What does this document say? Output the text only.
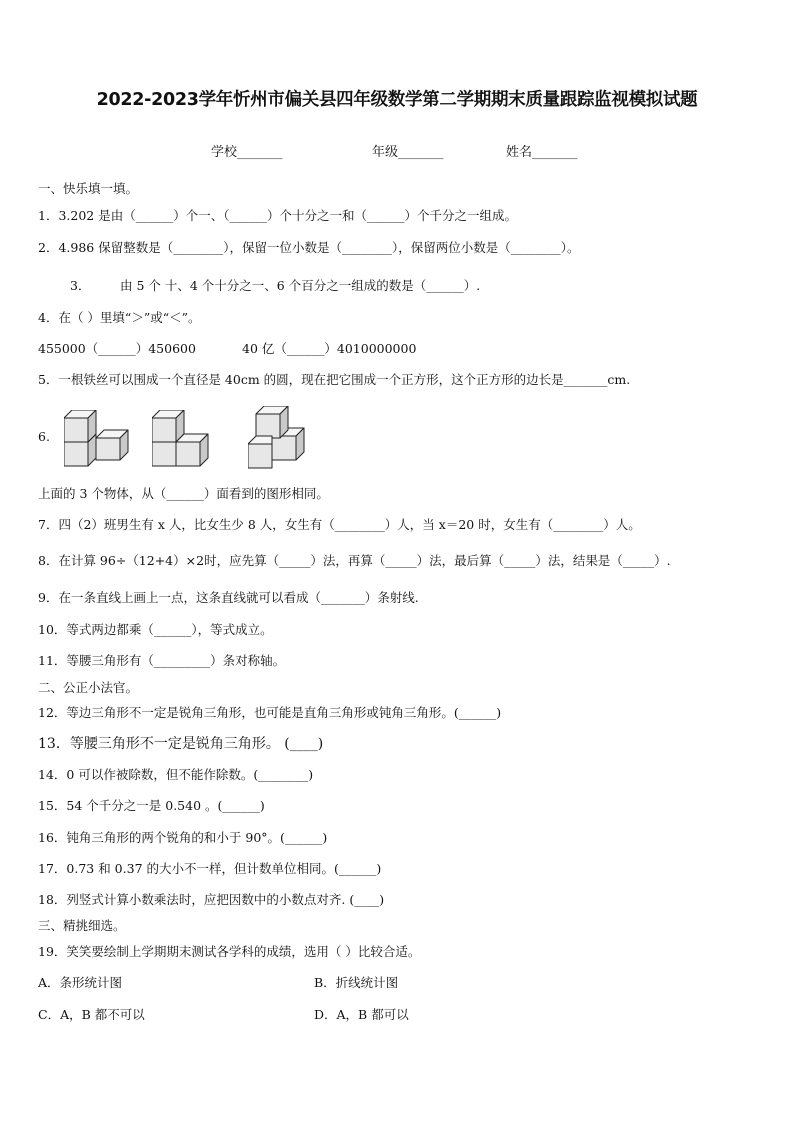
2022-2023学年忻州市偏关县四年级数学第二学期期末质量跟踪监视模拟试题
学校_______	年级_______	姓名_______
一、快乐填一填。
1．3.202 是由（______）个一、（______）个十分之一和（______）个千分之一组成。
2．4.986 保留整数是（________），保留一位小数是（________），保留两位小数是（________）。
3． 由 5 个 十、4 个十分之一、6 个百分之一组成的数是（______）.
4．在（ ）里填“＞”或“＜”。
455000（______）450600	40 亿（______）4010000000
5．一根铁丝可以围成一个直径是 40cm 的圆，现在把它围成一个正方形，这个正方形的边长是_______cm.
6.
上面的 3 个物体，从（______）面看到的图形相同。
7．四（2）班男生有 x 人，比女生少 8 人，女生有（________）人，当 x＝20 时，女生有（________）人。
8．在计算 96÷（12+4）×2时，应先算（_____）法，再算（_____）法，最后算（_____）法，结果是（_____）.
9．在一条直线上画上一点，这条直线就可以看成（_______）条射线.
10．等式两边都乘（______），等式成立。
11．等腰三角形有（_________）条对称轴。
二、公正小法官。
12．等边三角形不一定是锐角三角形，也可能是直角三角形或钝角三角形。(______)
13．等腰三角形不一定是锐角三角形。 (____)
14．0 可以作被除数，但不能作除数。(________)
15．54 个千分之一是 0.540 。(______)
16．钝角三角形的两个锐角的和小于 90°。(______)
17．0.73 和 0.37 的大小不一样，但计数单位相同。(______)
18．列竖式计算小数乘法时，应把因数中的小数点对齐. (____)
三、精挑细选。
19．笑笑要绘制上学期期末测试各学科的成绩，选用（ ）比较合适。
A．条形统计图	B．折线统计图
C．A，B 都不可以	D．A，B 都可以
